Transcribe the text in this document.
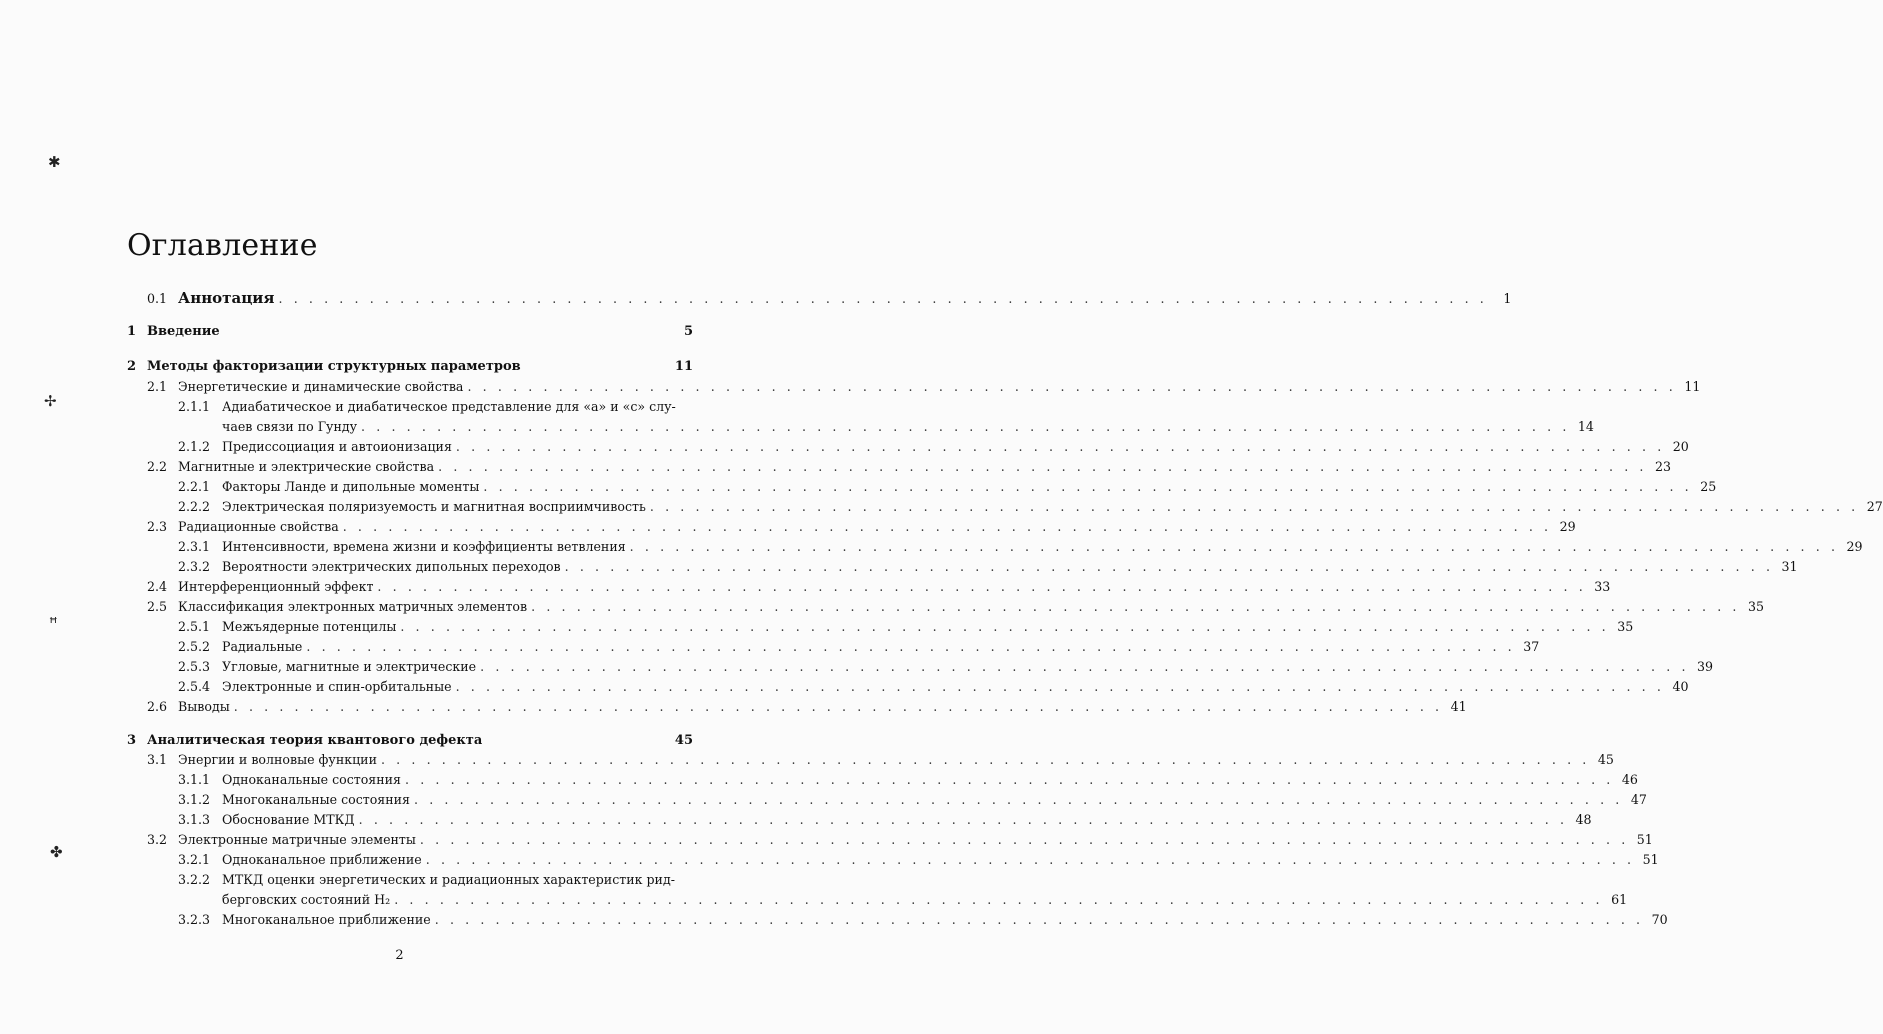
✱
✢
ꟸ
✤
Оглавление
0.1 Аннотация . . . . . . . . . . . . . . . . . . . . . . . . . . . . . . . . . . . . . . . . . . . . . . . . . . . . . . . . . . . . . . . . . . . . . . . . . . . . . . . .	1
1 Введение	5
2 Методы факторизации структурных параметров	11
2.1 Энергетические и динамические свойства . . . . . . . . . . . . . . . . . . . . . . . . . . . . . . . . . . . . . . . . . . . . . . . . . . . . . . . . . . . . . . . . . . . . . . . . . . . . . . . . 11
2.1.1 Адиабатическое и диабатическое представление для «a» и «c» слу-
чаев связи по Гунду . . . . . . . . . . . . . . . . . . . . . . . . . . . . . . . . . . . . . . . . . . . . . . . . . . . . . . . . . . . . . . . . . . . . . . . . . . . . . . . . 14
2.1.2 Предиссоциация и автоионизация . . . . . . . . . . . . . . . . . . . . . . . . . . . . . . . . . . . . . . . . . . . . . . . . . . . . . . . . . . . . . . . . . . . . . . . . . . . . . . . . 20
2.2 Магнитные и электрические свойства . . . . . . . . . . . . . . . . . . . . . . . . . . . . . . . . . . . . . . . . . . . . . . . . . . . . . . . . . . . . . . . . . . . . . . . . . . . . . . . . 23
2.2.1 Факторы Ланде и дипольные моменты . . . . . . . . . . . . . . . . . . . . . . . . . . . . . . . . . . . . . . . . . . . . . . . . . . . . . . . . . . . . . . . . . . . . . . . . . . . . . . . . 25
2.2.2 Электрическая поляризуемость и магнитная восприимчивость . . . . . . . . . . . . . . . . . . . . . . . . . . . . . . . . . . . . . . . . . . . . . . . . . . . . . . . . . . . . . . . . . . . . . . . . . . . . . . . . 27
2.3 Радиационные свойства . . . . . . . . . . . . . . . . . . . . . . . . . . . . . . . . . . . . . . . . . . . . . . . . . . . . . . . . . . . . . . . . . . . . . . . . . . . . . . . . 29
2.3.1 Интенсивности, времена жизни и коэффициенты ветвления . . . . . . . . . . . . . . . . . . . . . . . . . . . . . . . . . . . . . . . . . . . . . . . . . . . . . . . . . . . . . . . . . . . . . . . . . . . . . . . . 29
2.3.2 Вероятности электрических дипольных переходов . . . . . . . . . . . . . . . . . . . . . . . . . . . . . . . . . . . . . . . . . . . . . . . . . . . . . . . . . . . . . . . . . . . . . . . . . . . . . . . . 31
2.4 Интерференционный эффект . . . . . . . . . . . . . . . . . . . . . . . . . . . . . . . . . . . . . . . . . . . . . . . . . . . . . . . . . . . . . . . . . . . . . . . . . . . . . . . . 33
2.5 Классификация электронных матричных элементов . . . . . . . . . . . . . . . . . . . . . . . . . . . . . . . . . . . . . . . . . . . . . . . . . . . . . . . . . . . . . . . . . . . . . . . . . . . . . . . . 35
2.5.1 Межъядерные потенцилы . . . . . . . . . . . . . . . . . . . . . . . . . . . . . . . . . . . . . . . . . . . . . . . . . . . . . . . . . . . . . . . . . . . . . . . . . . . . . . . . 35
2.5.2 Радиальные . . . . . . . . . . . . . . . . . . . . . . . . . . . . . . . . . . . . . . . . . . . . . . . . . . . . . . . . . . . . . . . . . . . . . . . . . . . . . . . . 37
2.5.3 Угловые, магнитные и электрические . . . . . . . . . . . . . . . . . . . . . . . . . . . . . . . . . . . . . . . . . . . . . . . . . . . . . . . . . . . . . . . . . . . . . . . . . . . . . . . . 39
2.5.4 Электронные и спин-орбитальные . . . . . . . . . . . . . . . . . . . . . . . . . . . . . . . . . . . . . . . . . . . . . . . . . . . . . . . . . . . . . . . . . . . . . . . . . . . . . . . . 40
2.6 Выводы . . . . . . . . . . . . . . . . . . . . . . . . . . . . . . . . . . . . . . . . . . . . . . . . . . . . . . . . . . . . . . . . . . . . . . . . . . . . . . . . 41
3 Аналитическая теория квантового дефекта	45
3.1 Энергии и волновые функции . . . . . . . . . . . . . . . . . . . . . . . . . . . . . . . . . . . . . . . . . . . . . . . . . . . . . . . . . . . . . . . . . . . . . . . . . . . . . . . . 45
3.1.1 Одноканальные состояния . . . . . . . . . . . . . . . . . . . . . . . . . . . . . . . . . . . . . . . . . . . . . . . . . . . . . . . . . . . . . . . . . . . . . . . . . . . . . . . . 46
3.1.2 Многоканальные состояния . . . . . . . . . . . . . . . . . . . . . . . . . . . . . . . . . . . . . . . . . . . . . . . . . . . . . . . . . . . . . . . . . . . . . . . . . . . . . . . . 47
3.1.3 Обоснование МТКД . . . . . . . . . . . . . . . . . . . . . . . . . . . . . . . . . . . . . . . . . . . . . . . . . . . . . . . . . . . . . . . . . . . . . . . . . . . . . . . . 48
3.2 Электронные матричные элементы . . . . . . . . . . . . . . . . . . . . . . . . . . . . . . . . . . . . . . . . . . . . . . . . . . . . . . . . . . . . . . . . . . . . . . . . . . . . . . . . 51
3.2.1 Одноканальное приближение . . . . . . . . . . . . . . . . . . . . . . . . . . . . . . . . . . . . . . . . . . . . . . . . . . . . . . . . . . . . . . . . . . . . . . . . . . . . . . . . 51
3.2.2 МТКД оценки энергетических и радиационных характеристик рид-
берговских состояний H₂ . . . . . . . . . . . . . . . . . . . . . . . . . . . . . . . . . . . . . . . . . . . . . . . . . . . . . . . . . . . . . . . . . . . . . . . . . . . . . . . . 61
3.2.3 Многоканальное приближение . . . . . . . . . . . . . . . . . . . . . . . . . . . . . . . . . . . . . . . . . . . . . . . . . . . . . . . . . . . . . . . . . . . . . . . . . . . . . . . . 70
2
